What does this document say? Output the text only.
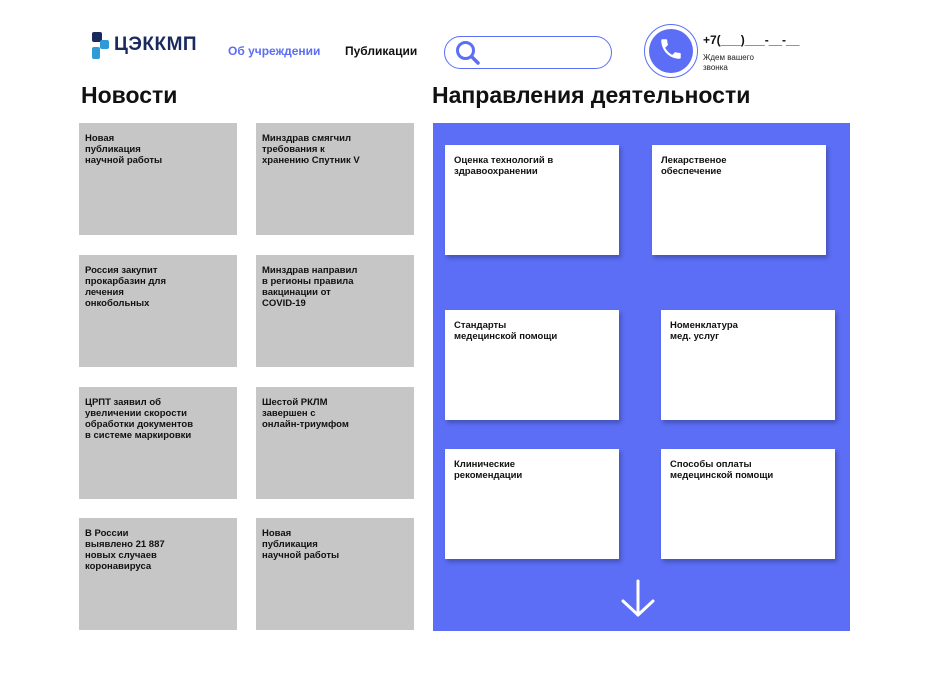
ЦЭККМП	Об учреждении Публикации
+7(___)___-__-__
Ждем вашего звонка
Новости	Направления деятельности
Новая
публикация
научной работы
Минздрав смягчил
требования к
хранению Спутник V
Россия закупит
прокарбазин для
лечения
онкобольных
Минздрав направил
в регионы правила
вакцинации от
COVID-19
ЦРПТ заявил об
увеличении скорости
обработки документов
в системе маркировки
Шестой РКЛМ
завершен с
онлайн-триумфом
В России
выявлено 21 887
новых случаев
коронавируса
Новая
публикация
научной работы
Оценка технологий в
здравоохранении
Лекарственое
обеспечение
Стандарты
медецинской помощи
Номенклатура
мед. услуг
Клинические
рекомендации
Способы оплаты
медецинской помощи
